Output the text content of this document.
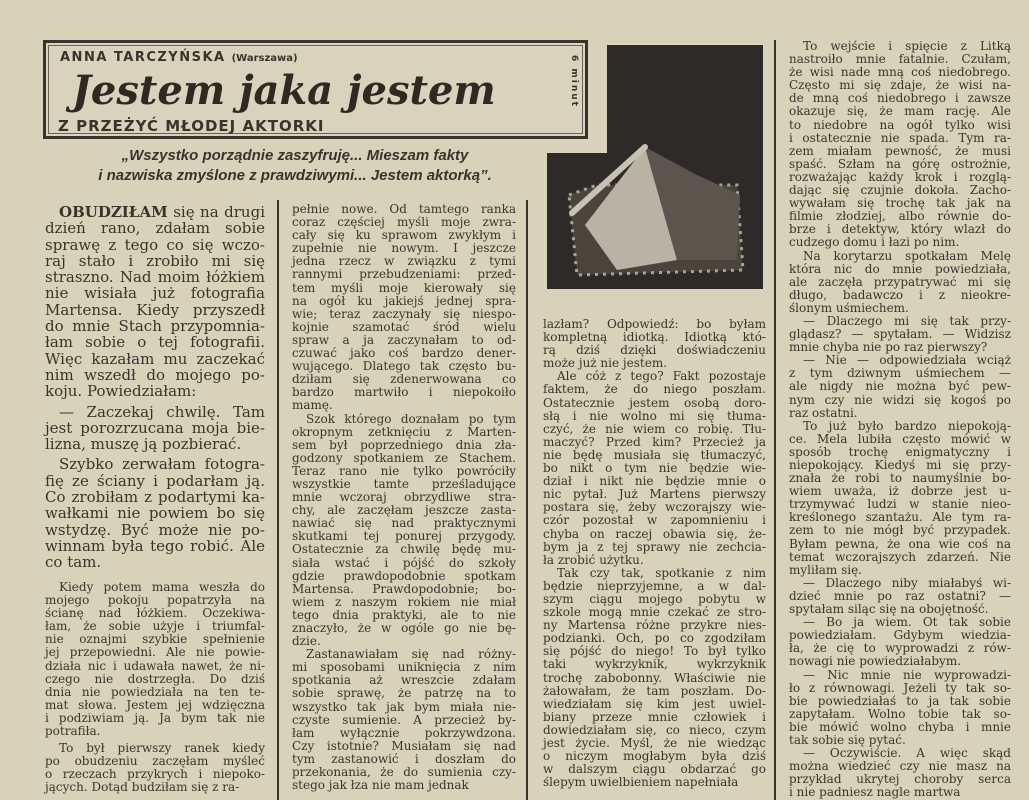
ANNA TARCZYŃSKA (Warszawa)
Jestem jaka jestem
Z PRZEŻYĆ MŁODEJ AKTORKI
6 minut
„Wszystko porządnie zaszyfruję... Mieszam fakty
i nazwiska zmyślone z prawdziwymi... Jestem aktorką”.
OBUDZIŁAM się na drugi
dzień rano, zdałam sobie
sprawę z tego co się wczo-
raj stało i zrobiło mi się
straszno. Nad moim łóżkiem
nie wisiała już fotografia
Martensa. Kiedy przyszedł
do mnie Stach przypomnia-
łam sobie o tej fotografii.
Więc kazałam mu zaczekać
nim wszedł do mojego po-
koju. Powiedziałam:
— Zaczekaj chwilę. Tam
jest porozrzucana moja bie-
lizna, muszę ją pozbierać.
Szybko zerwałam fotogra-
fię ze ściany i podarłam ją.
Co zrobiłam z podartymi ka-
wałkami nie powiem bo się
wstydzę. Być może nie po-
winnam była tego robić. Ale
co tam.
Kiedy potem mama weszła do
mojego pokoju popatrzyła na
ścianę nad łóżkiem. Oczekiwa-
łam, że sobie użyje i triumfal-
nie oznajmi szybkie spełnienie
jej przepowiedni. Ale nie powie-
działa nic i udawała nawet, że ni-
czego nie dostrzegła. Do dziś
dnia nie powiedziała na ten te-
mat słowa. Jestem jej wdzięczna
i podziwiam ją. Ja bym tak nie
potrafiła.
To był pierwszy ranek kiedy
po obudzeniu zaczęłam myśleć
o rzeczach przykrych i niepoko-
jących. Dotąd budziłam się z ra-
pełnie nowe. Od tamtego ranka
coraz częściej myśli moje zwra-
cały się ku sprawom zwykłym i
zupełnie nie nowym. I jeszcze
jedna rzecz w związku z tymi
rannymi przebudzeniami: przed-
tem myśli moje kierowały się
na ogół ku jakiejś jednej spra-
wie; teraz zaczynały się niespo-
kojnie szamotać śród wielu
spraw a ja zaczynałam to od-
czuwać jako coś bardzo dener-
wującego. Dlatego tak często bu-
dziłam się zdenerwowana co
bardzo martwiło i niepokoiło
mamę.
Szok którego doznałam po tym
okropnym zetknięciu z Marten-
sem był poprzedniego dnia zła-
godzony spotkaniem ze Stachem.
Teraz rano nie tylko powróciły
wszystkie tamte prześladujące
mnie wczoraj obrzydliwe stra-
chy, ale zaczęłam jeszcze zasta-
nawiać się nad praktycznymi
skutkami tej ponurej przygody.
Ostatecznie za chwilę będę mu-
siała wstać i pójść do szkoły
gdzie prawdopodobnie spotkam
Martensa. Prawdopodobnie; bo-
wiem z naszym rokiem nie miał
tego dnia praktyki, ale to nie
znaczyło, że w ogóle go nie bę-
dzie.
Zastanawiałam się nad różny-
mi sposobami uniknięcia z nim
spotkania aż wreszcie zdałam
sobie sprawę, że patrzę na to
wszystko tak jak bym miała nie-
czyste sumienie. A przecież by-
łam wyłącznie pokrzywdzona.
Czy istotnie? Musiałam się nad
tym zastanowić i doszłam do
przekonania, że do sumienia czy-
stego jak łza nie mam jednak
lazłam? Odpowiedź: bo byłam
kompletną idiotką. Idiotką któ-
rą dziś dzięki doświadczeniu
może już nie jestem.
Ale cóż z tego? Fakt pozostaje
faktem, że do niego poszłam.
Ostatecznie jestem osobą doro-
słą i nie wolno mi się tłuma-
czyć, że nie wiem co robię. Tłu-
maczyć? Przed kim? Przecież ja
nie będę musiała się tłumaczyć,
bo nikt o tym nie będzie wie-
dział i nikt nie będzie mnie o
nic pytał. Już Martens pierwszy
postara się, żeby wczorajszy wie-
czór pozostał w zapomnieniu i
chyba on raczej obawia się, że-
bym ja z tej sprawy nie zechcia-
ła zrobić użytku.
Tak czy tak, spotkanie z nim
będzie nieprzyjemne, a w dal-
szym ciągu mojego pobytu w
szkole mogą mnie czekać ze stro-
ny Martensa różne przykre nies-
podzianki. Och, po co zgodziłam
się pójść do niego! To był tylko
taki wykrzyknik, wykrzyknik
trochę zabobonny. Właściwie nie
żałowałam, że tam poszłam. Do-
wiedziałam się kim jest uwiel-
biany przeze mnie człowiek i
dowiedziałam się, co nieco, czym
jest życie. Myśl, że nie wiedząc
o niczym mogłabym była dziś
w dalszym ciągu obdarzać go
ślepym uwielbieniem napełniała
To wejście i spięcie z Litką
nastroiło mnie fatalnie. Czułam,
że wisi nade mną coś niedobrego.
Często mi się zdaje, że wisi na-
de mną coś niedobrego i zawsze
okazuje się, że mam rację. Ale
to niedobre na ogół tylko wisi
i ostatecznie nie spada. Tym ra-
zem miałam pewność, że musi
spaść. Szłam na górę ostrożnie,
rozważając każdy krok i rozglą-
dając się czujnie dokoła. Zacho-
wywałam się trochę tak jak na
filmie złodziej, albo równie do-
brze i detektyw, który wlazł do
cudzego domu i łazi po nim.
Na korytarzu spotkałam Melę
która nic do mnie powiedziała,
ale zaczęła przypatrywać mi się
długo, badawczo i z nieokre-
ślonym uśmiechem.
— Dlaczego mi się tak przy-
glądasz? — spytałam. — Widzisz
mnie chyba nie po raz pierwszy?
— Nie — odpowiedziała wciąż
z tym dziwnym uśmiechem —
ale nigdy nie można być pew-
nym czy nie widzi się kogoś po
raz ostatni.
To już było bardzo niepokoją-
ce. Mela lubiła często mówić w
sposób trochę enigmatyczny i
niepokojący. Kiedyś mi się przy-
znała że robi to naumyślnie bo-
wiem uważa, iż dobrze jest u-
trzymywać ludzi w stanie nieo-
kreślonego szantażu. Ale tym ra-
zem to nie mógł być przypadek.
Byłam pewna, że ona wie coś na
temat wczorajszych zdarzeń. Nie
myliłam się.
— Dlaczego niby miałabyś wi-
dzieć mnie po raz ostatni? —
spytałam siląc się na obojętność.
— Bo ja wiem. Ot tak sobie
powiedziałam. Gdybym wiedzia-
ła, że cię to wyprowadzi z rów-
nowagi nie powiedziałabym.
— Nic mnie nie wyprowadzi-
ło z równowagi. Jeżeli ty tak so-
bie powiedziałaś to ja tak sobie
zapytałam. Wolno tobie tak so-
bie mówić wolno chyba i mnie
tak sobie się pytać.
— Oczywiście. A więc skąd
można wiedzieć czy nie masz na
przykład ukrytej choroby serca
i nie padniesz nagle martwa
